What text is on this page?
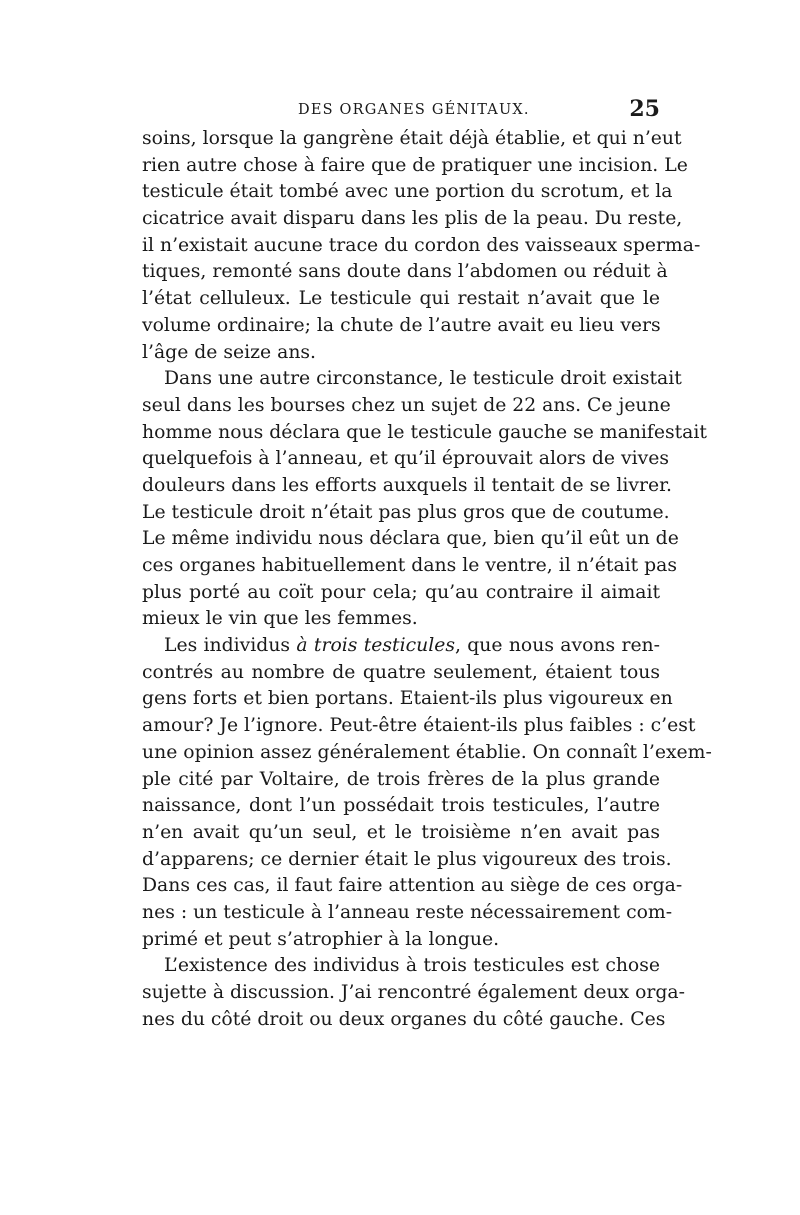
DES ORGANES GÉNITAUX.	25
soins, lorsque la gangrène était déjà établie, et qui n’eut
rien autre chose à faire que de pratiquer une incision. Le
testicule était tombé avec une portion du scrotum, et la
cicatrice avait disparu dans les plis de la peau. Du reste,
il n’existait aucune trace du cordon des vaisseaux sperma-
tiques, remonté sans doute dans l’abdomen ou réduit à
l’état celluleux. Le testicule qui restait n’avait que le
volume ordinaire; la chute de l’autre avait eu lieu vers
l’âge de seize ans.
Dans une autre circonstance, le testicule droit existait
seul dans les bourses chez un sujet de 22 ans. Ce jeune
homme nous déclara que le testicule gauche se manifestait
quelquefois à l’anneau, et qu’il éprouvait alors de vives
douleurs dans les efforts auxquels il tentait de se livrer.
Le testicule droit n’était pas plus gros que de coutume.
Le même individu nous déclara que, bien qu’il eût un de
ces organes habituellement dans le ventre, il n’était pas
plus porté au coït pour cela; qu’au contraire il aimait
mieux le vin que les femmes.
Les individus à trois testicules, que nous avons ren-
contrés au nombre de quatre seulement, étaient tous
gens forts et bien portans. Etaient-ils plus vigoureux en
amour? Je l’ignore. Peut-être étaient-ils plus faibles : c’est
une opinion assez généralement établie. On connaît l’exem-
ple cité par Voltaire, de trois frères de la plus grande
naissance, dont l’un possédait trois testicules, l’autre
n’en avait qu’un seul, et le troisième n’en avait pas
d’apparens; ce dernier était le plus vigoureux des trois.
Dans ces cas, il faut faire attention au siège de ces orga-
nes : un testicule à l’anneau reste nécessairement com-
primé et peut s’atrophier à la longue.
L’existence des individus à trois testicules est chose
sujette à discussion. J’ai rencontré également deux orga-
nes du côté droit ou deux organes du côté gauche. Ces
